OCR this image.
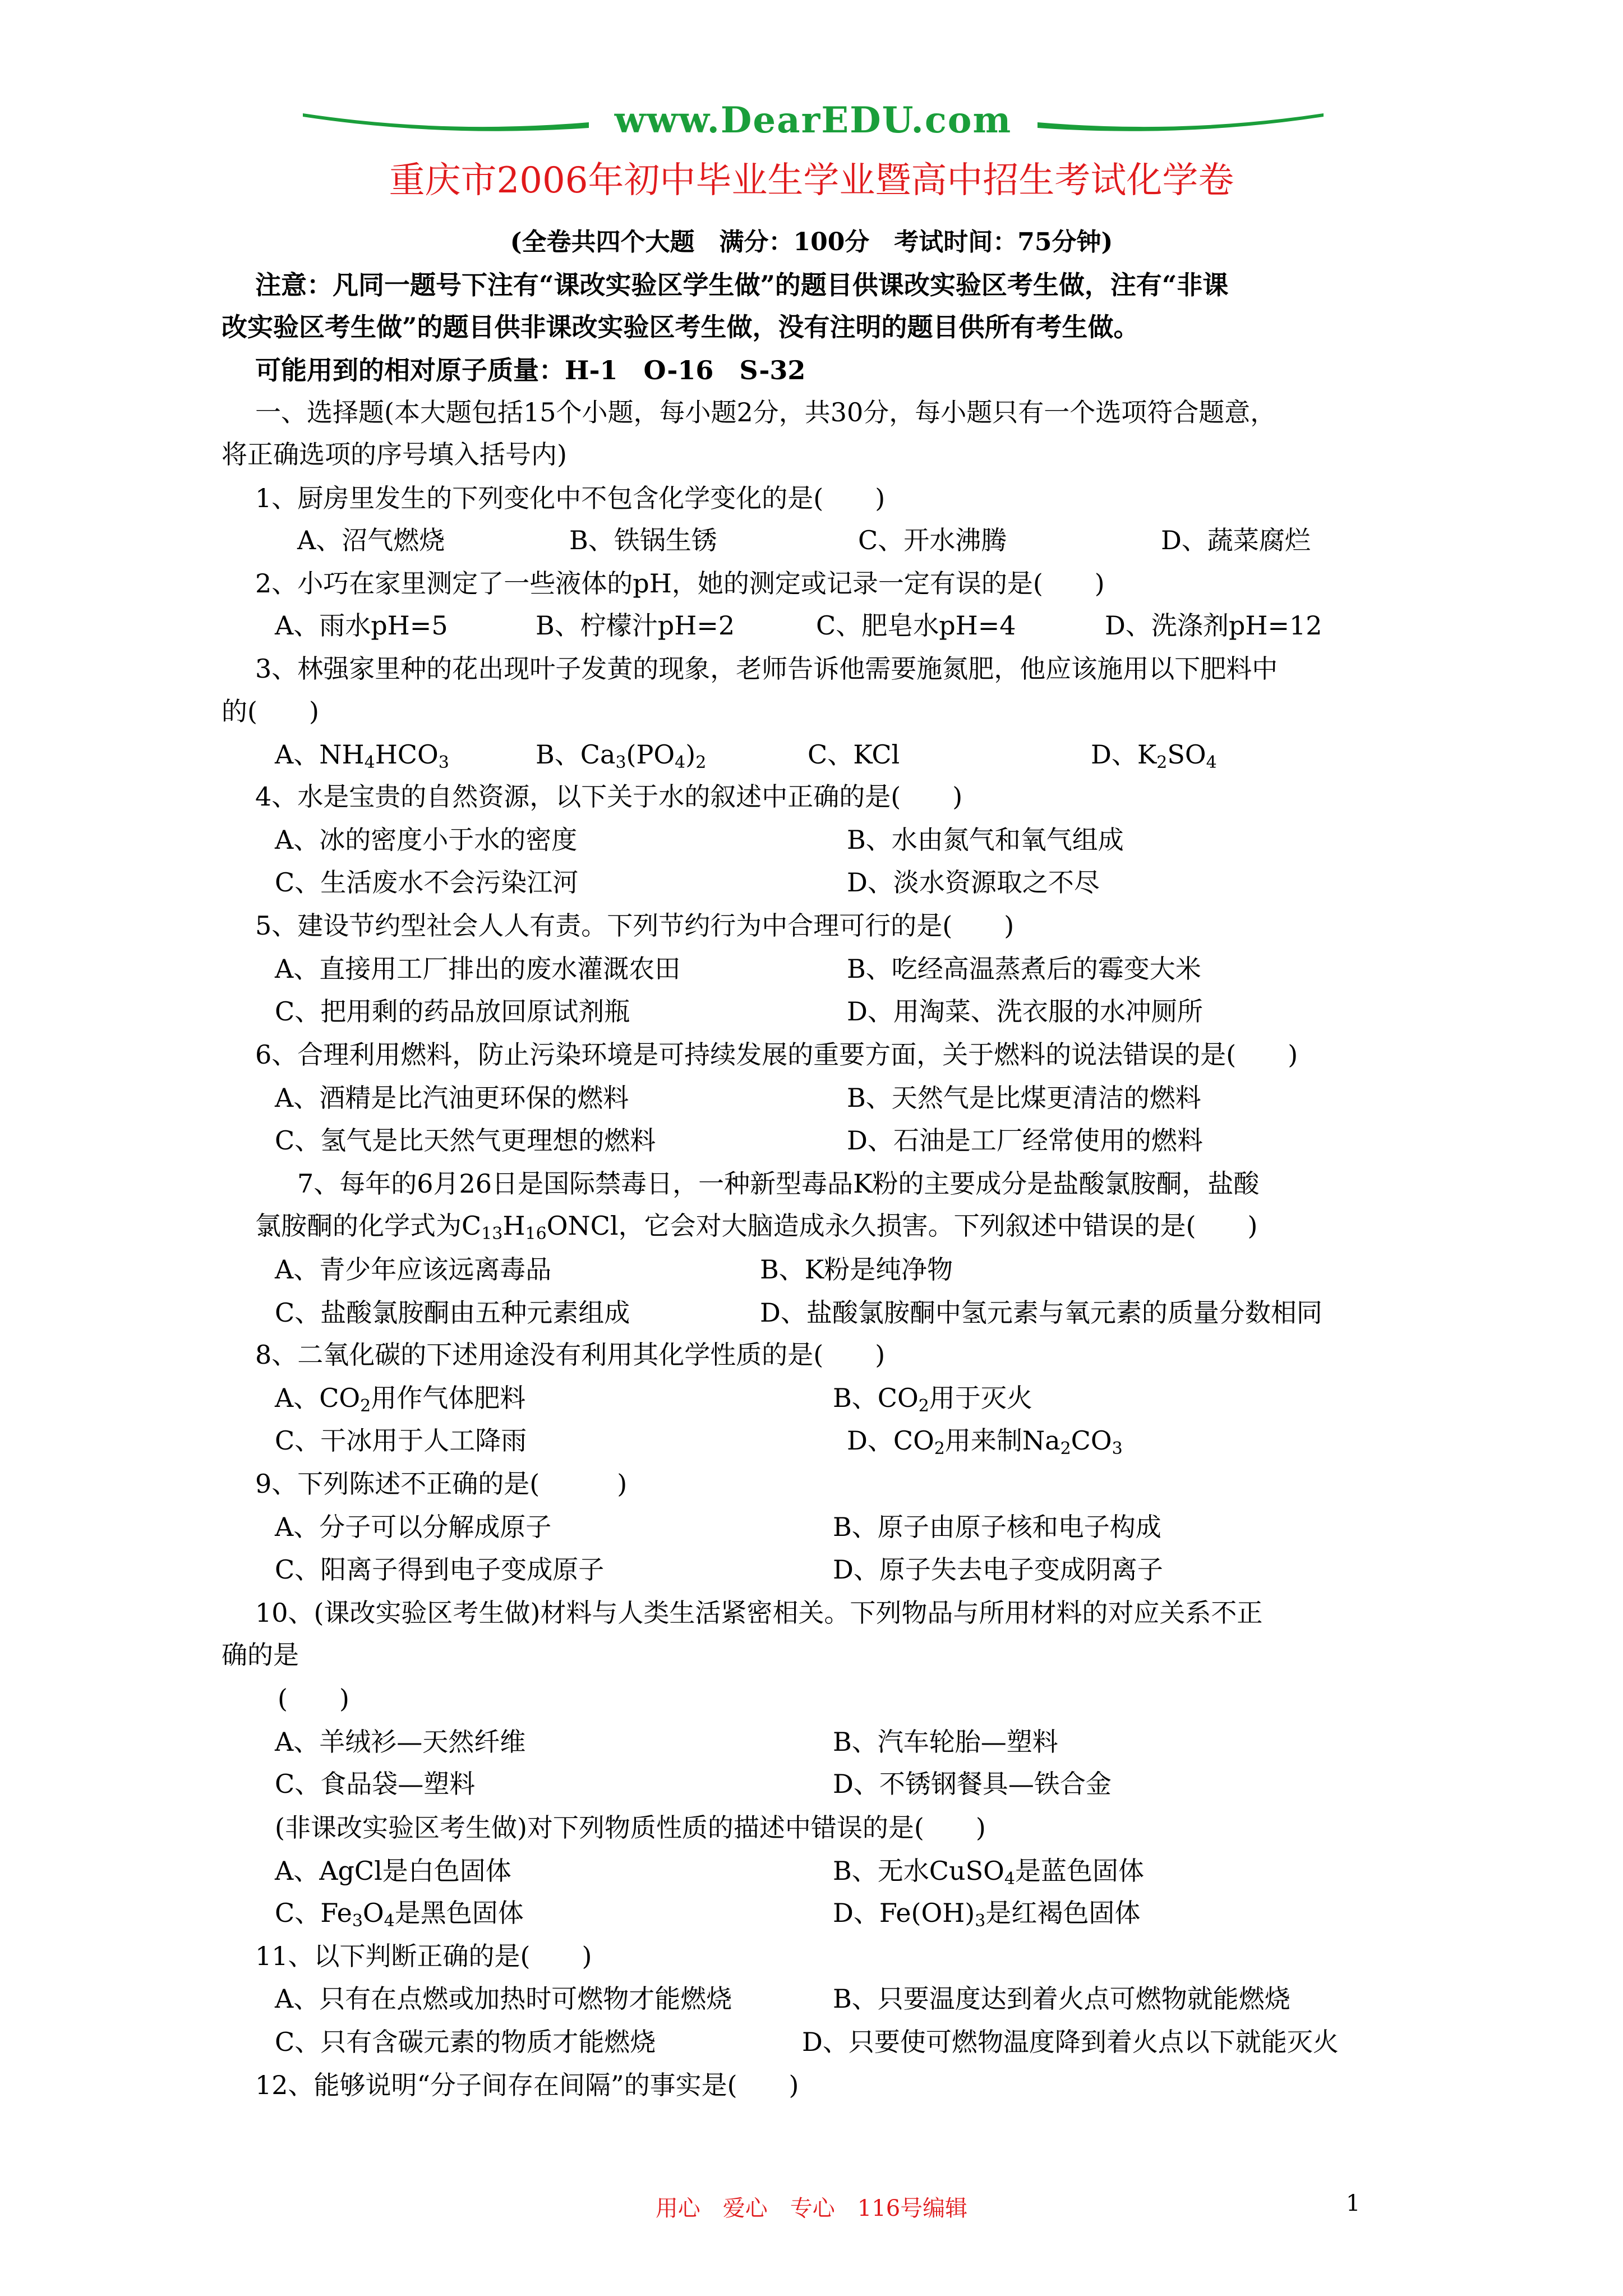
www.DearEDU.com
重庆市2006年初中毕业生学业暨高中招生考试化学卷
(全卷共四个大题　满分：100分　考试时间：75分钟)
注意：凡同一题号下注有“课改实验区学生做”的题目供课改实验区考生做，注有“非课
改实验区考生做”的题目供非课改实验区考生做，没有注明的题目供所有考生做。
可能用到的相对原子质量：H-1　O-16　S-32
一、选择题(本大题包括15个小题，每小题2分，共30分，每小题只有一个选项符合题意，
将正确选项的序号填入括号内)
1、厨房里发生的下列变化中不包含化学变化的是(　　)
A、沼气燃烧	B、铁锅生锈	C、开水沸腾	D、蔬菜腐烂
2、小巧在家里测定了一些液体的pH，她的测定或记录一定有误的是(　　)
A、雨水pH=5	B、柠檬汁pH=2	C、肥皂水pH=4	D、洗涤剂pH=12
3、林强家里种的花出现叶子发黄的现象，老师告诉他需要施氮肥，他应该施用以下肥料中
的(　　)
A、$NH_4HCO_3$	B、$Ca_3(PO_4)_2$	C、KCl	D、$K_2SO_4$
4、水是宝贵的自然资源，以下关于水的叙述中正确的是(　　)
A、冰的密度小于水的密度	B、水由氮气和氧气组成
C、生活废水不会污染江河	D、淡水资源取之不尽
5、建设节约型社会人人有责。下列节约行为中合理可行的是(　　)
A、直接用工厂排出的废水灌溉农田	B、吃经高温蒸煮后的霉变大米
C、把用剩的药品放回原试剂瓶	D、用淘菜、洗衣服的水冲厕所
6、合理利用燃料，防止污染环境是可持续发展的重要方面，关于燃料的说法错误的是(　　)
A、酒精是比汽油更环保的燃料	B、天然气是比煤更清洁的燃料
C、氢气是比天然气更理想的燃料	D、石油是工厂经常使用的燃料
7、每年的6月26日是国际禁毒日，一种新型毒品K粉的主要成分是盐酸氯胺酮，盐酸
氯胺酮的化学式为$C_{13}H_{16}ONCl$，它会对大脑造成永久损害。下列叙述中错误的是(　　)
A、青少年应该远离毒品	B、K粉是纯净物
C、盐酸氯胺酮由五种元素组成	D、盐酸氯胺酮中氢元素与氧元素的质量分数相同
8、二氧化碳的下述用途没有利用其化学性质的是(　　)
A、$CO_2$用作气体肥料	B、$CO_2$用于灭火
C、干冰用于人工降雨	D、$CO_2$用来制$Na_2CO_3$
9、下列陈述不正确的是(　　　)
A、分子可以分解成原子	B、原子由原子核和电子构成
C、阳离子得到电子变成原子	D、原子失去电子变成阴离子
10、(课改实验区考生做)材料与人类生活紧密相关。下列物品与所用材料的对应关系不正
确的是
(　　)
A、羊绒衫—天然纤维	B、汽车轮胎—塑料
C、食品袋—塑料	D、不锈钢餐具—铁合金
(非课改实验区考生做)对下列物质性质的描述中错误的是(　　)
A、AgCl是白色固体	B、无水CuSO$_4$是蓝色固体
C、$Fe_3O_4$是黑色固体	D、$Fe(OH)_3$是红褐色固体
11、以下判断正确的是(　　)
A、只有在点燃或加热时可燃物才能燃烧	B、只要温度达到着火点可燃物就能燃烧
C、只有含碳元素的物质才能燃烧	D、只要使可燃物温度降到着火点以下就能灭火
12、能够说明“分子间存在间隔”的事实是(　　)
用心　爱心　专心　116号编辑	1
